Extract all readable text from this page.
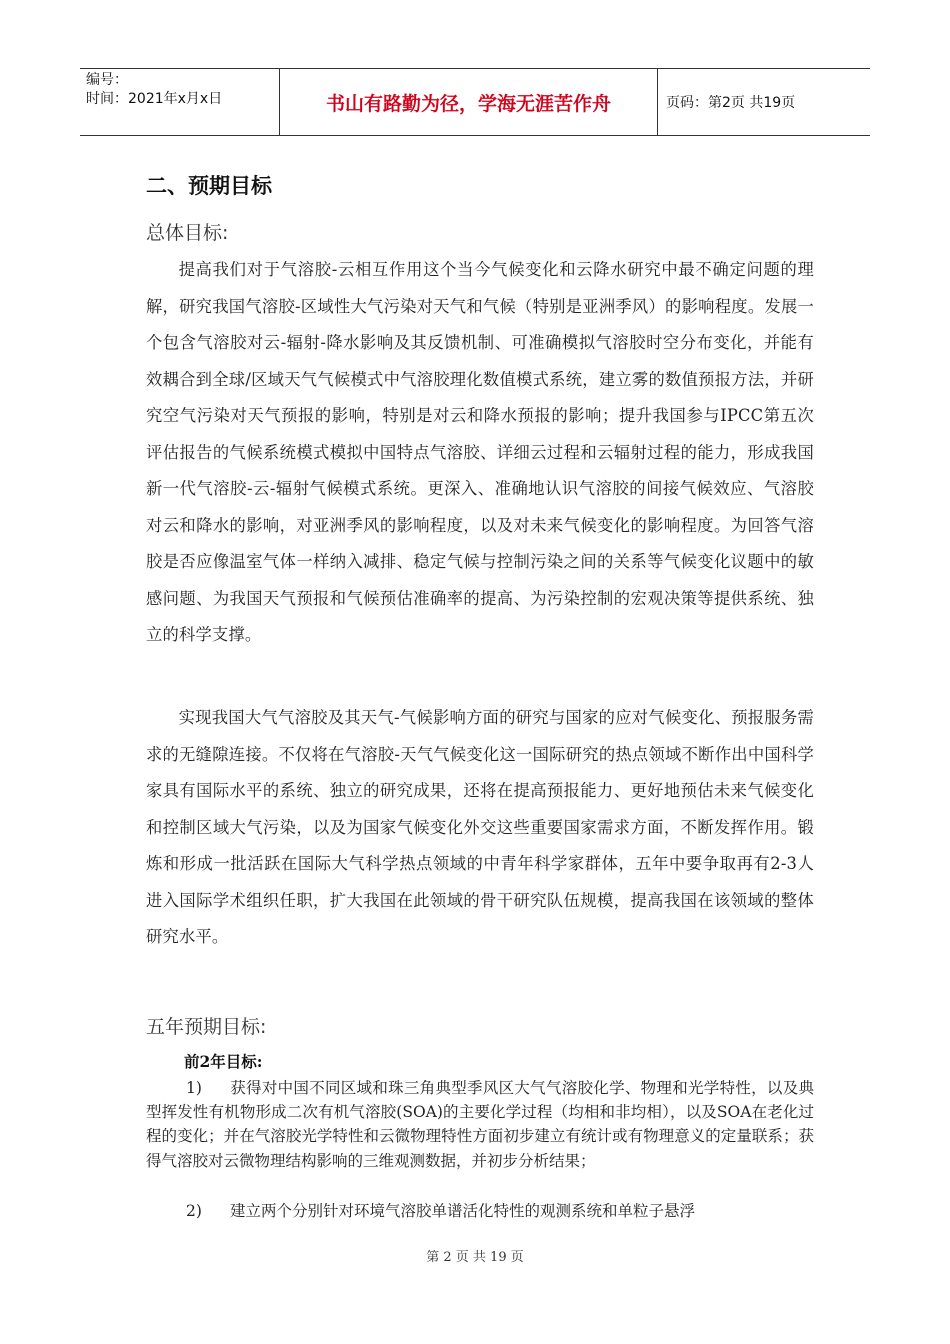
编号：
时间：2021年x月x日	书山有路勤为径，学海无涯苦作舟	页码：第2页 共19页
二、预期目标
总体目标:

提高我们对于气溶胶-云相互作用这个当今气候变化和云降水研究中最不确定问题的理解，研究我国气溶胶-区域性大气污染对天气和气候（特别是亚洲季风）的影响程度。发展一个包含气溶胶对云-辐射-降水影响及其反馈机制、可准确模拟气溶胶时空分布变化，并能有效耦合到全球/区域天气气候模式中气溶胶理化数值模式系统，建立雾的数值预报方法，并研究空气污染对天气预报的影响，特别是对云和降水预报的影响；提升我国参与IPCC第五次评估报告的气候系统模式模拟中国特点气溶胶、详细云过程和云辐射过程的能力，形成我国新一代气溶胶-云-辐射气候模式系统。更深入、准确地认识气溶胶的间接气候效应、气溶胶对云和降水的影响，对亚洲季风的影响程度，以及对未来气候变化的影响程度。为回答气溶胶是否应像温室气体一样纳入减排、稳定气候与控制污染之间的关系等气候变化议题中的敏感问题、为我国天气预报和气候预估准确率的提高、为污染控制的宏观决策等提供系统、独立的科学支撑。

实现我国大气气溶胶及其天气-气候影响方面的研究与国家的应对气候变化、预报服务需求的无缝隙连接。不仅将在气溶胶-天气气候变化这一国际研究的热点领域不断作出中国科学家具有国际水平的系统、独立的研究成果，还将在提高预报能力、更好地预估未来气候变化和控制区域大气污染，以及为国家气候变化外交这些重要国家需求方面，不断发挥作用。锻炼和形成一批活跃在国际大气科学热点领域的中青年科学家群体，五年中要争取再有2-3人进入国际学术组织任职，扩大我国在此领域的骨干研究队伍规模，提高我国在该领域的整体研究水平。

五年预期目标:
前2年目标:

1) 获得对中国不同区域和珠三角典型季风区大气气溶胶化学、物理和光学特性，以及典型挥发性有机物形成二次有机气溶胶(SOA)的主要化学过程（均相和非均相），以及SOA在老化过程的变化；并在气溶胶光学特性和云微物理特性方面初步建立有统计或有物理意义的定量联系；获得气溶胶对云微物理结构影响的三维观测数据，并初步分析结果；

2) 建立两个分别针对环境气溶胶单谱活化特性的观测系统和单粒子悬浮

第 2 页 共 19 页
